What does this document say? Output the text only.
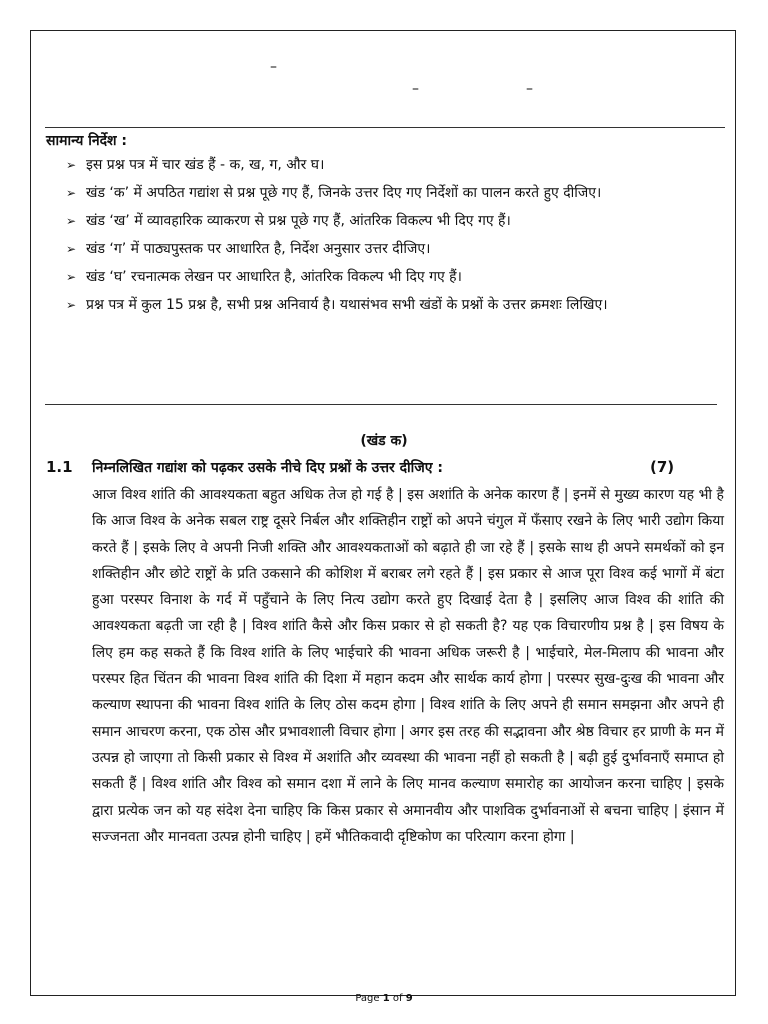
–
–	–
सामान्य निर्देश :
➢ इस प्रश्न पत्र में चार खंड हैं - क, ख, ग, और घ।
➢ खंड ‘क’ में अपठित गद्यांश से प्रश्न पूछे गए हैं, जिनके उत्तर दिए गए निर्देशों का पालन करते हुए दीजिए।
➢ खंड ‘ख’ में व्यावहारिक व्याकरण से प्रश्न पूछे गए हैं, आंतरिक विकल्प भी दिए गए हैं।
➢ खंड ‘ग’ में पाठ्यपुस्तक पर आधारित है, निर्देश अनुसार उत्तर दीजिए।
➢ खंड ‘घ’ रचनात्मक लेखन पर आधारित है, आंतरिक विकल्प भी दिए गए हैं।
➢ प्रश्न पत्र में कुल 15 प्रश्न है, सभी प्रश्न अनिवार्य है। यथासंभव सभी खंडों के प्रश्नों के उत्तर क्रमशः लिखिए।
(खंड क)
1.1 निम्नलिखित गद्यांश को पढ़कर उसके नीचे दिए प्रश्नों के उत्तर दीजिए :	(7)

आज विश्व शांति की आवश्यकता बहुत अधिक तेज हो गई है | इस अशांति के अनेक कारण हैं | इनमें से मुख्य कारण यह भी है कि आज विश्व के अनेक सबल राष्ट्र दूसरे निर्बल और शक्तिहीन राष्ट्रों को अपने चंगुल में फँसाए रखने के लिए भारी उद्योग किया करते हैं | इसके लिए वे अपनी निजी शक्ति और आवश्यकताओं को बढ़ाते ही जा रहे हैं | इसके साथ ही अपने समर्थकों को इन शक्तिहीन और छोटे राष्ट्रों के प्रति उकसाने की कोशिश में बराबर लगे रहते हैं | इस प्रकार से आज पूरा विश्व कई भागों में बंटा हुआ परस्पर विनाश के गर्द में पहुँचाने के लिए नित्य उद्योग करते हुए दिखाई देता है | इसलिए आज विश्व की शांति की आवश्यकता बढ़ती जा रही है | विश्व शांति कैसे और किस प्रकार से हो सकती है? यह एक विचारणीय प्रश्न है | इस विषय के लिए हम कह सकते हैं कि विश्व शांति के लिए भाईचारे की भावना अधिक जरूरी है | भाईचारे, मेल-मिलाप की भावना और परस्पर हित चिंतन की भावना विश्व शांति की दिशा में महान कदम और सार्थक कार्य होगा | परस्पर सुख-दुःख की भावना और कल्याण स्थापना की भावना विश्व शांति के लिए ठोस कदम होगा | विश्व शांति के लिए अपने ही समान समझना और अपने ही समान आचरण करना, एक ठोस और प्रभावशाली विचार होगा | अगर इस तरह की सद्भावना और श्रेष्ठ विचार हर प्राणी के मन में उत्पन्न हो जाएगा तो किसी प्रकार से विश्व में अशांति और व्यवस्था की भावना नहीं हो सकती है | बढ़ी हुई दुर्भावनाएँ समाप्त हो सकती हैं | विश्व शांति और विश्व को समान दशा में लाने के लिए मानव कल्याण समारोह का आयोजन करना चाहिए | इसके द्वारा प्रत्येक जन को यह संदेश देना चाहिए कि किस प्रकार से अमानवीय और पाशविक दुर्भावनाओं से बचना चाहिए | इंसान में सज्जनता और मानवता उत्पन्न होनी चाहिए | हमें भौतिकवादी दृष्टिकोण का परित्याग करना होगा |

Page 1 of 9
